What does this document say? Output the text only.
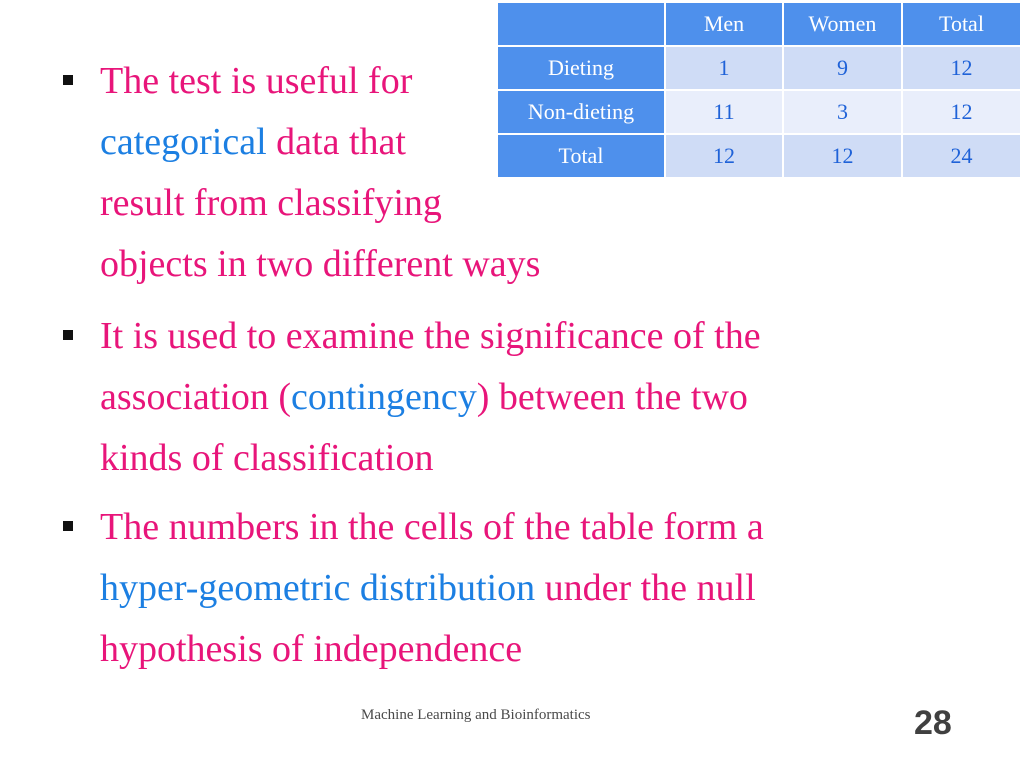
	Men	Women	Total
Dieting	1	9	12
Non-dieting	11	3	12
Total	12	12	24
The test is useful for
categorical data that
result from classifying
objects in two different ways
It is used to examine the significance of the
association (contingency) between the two
kinds of classification
The numbers in the cells of the table form a
hyper-geometric distribution under the null
hypothesis of independence
Machine Learning and Bioinformatics	28
